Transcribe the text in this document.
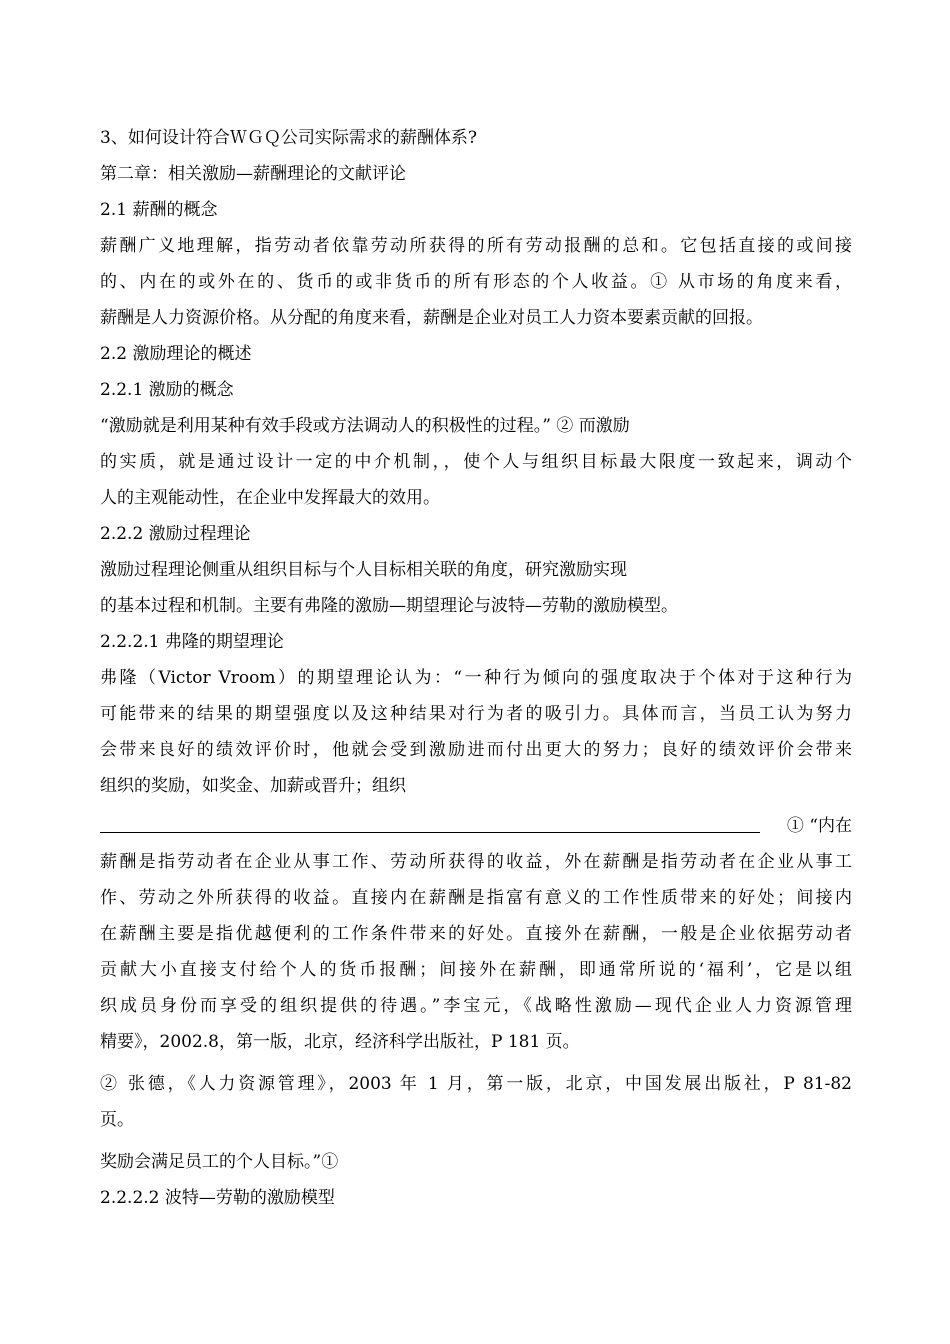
3、如何设计符合ＷＧＱ公司实际需求的薪酬体系?
第二章：相关激励—薪酬理论的文献评论
2.1 薪酬的概念
薪酬广义地理解，指劳动者依靠劳动所获得的所有劳动报酬的总和。它包括直接的或间接
的、内在的或外在的、货币的或非货币的所有形态的个人收益。① 从市场的角度来看，
薪酬是人力资源价格。从分配的角度来看，薪酬是企业对员工人力资本要素贡献的回报。
2.2 激励理论的概述
2.2.1 激励的概念
“激励就是利用某种有效手段或方法调动人的积极性的过程。” ② 而激励
的实质，就是通过设计一定的中介机制，，使个人与组织目标最大限度一致起来，调动个
人的主观能动性，在企业中发挥最大的效用。
2.2.2 激励过程理论
激励过程理论侧重从组织目标与个人目标相关联的角度，研究激励实现
的基本过程和机制。主要有弗隆的激励—期望理论与波特—劳勒的激励模型。
2.2.2.1 弗隆的期望理论
弗隆（Victor Vroom）的期望理论认为：“一种行为倾向的强度取决于个体对于这种行为
可能带来的结果的期望强度以及这种结果对行为者的吸引力。具体而言，当员工认为努力
会带来良好的绩效评价时，他就会受到激励进而付出更大的努力；良好的绩效评价会带来
组织的奖励，如奖金、加薪或晋升；组织
① “内在
薪酬是指劳动者在企业从事工作、劳动所获得的收益，外在薪酬是指劳动者在企业从事工
作、劳动之外所获得的收益。直接内在薪酬是指富有意义的工作性质带来的好处；间接内
在薪酬主要是指优越便利的工作条件带来的好处。直接外在薪酬，一般是企业依据劳动者
贡献大小直接支付给个人的货币报酬；间接外在薪酬，即通常所说的‘福利’，它是以组
织成员身份而享受的组织提供的待遇。”李宝元，《战略性激励—现代企业人力资源管理
精要》，2002.8，第一版，北京，经济科学出版社，P 181 页。
② 张德，《人力资源管理》，2003 年 1 月，第一版，北京，中国发展出版社，P 81-82
页。
奖励会满足员工的个人目标。”①
2.2.2.2 波特—劳勒的激励模型
